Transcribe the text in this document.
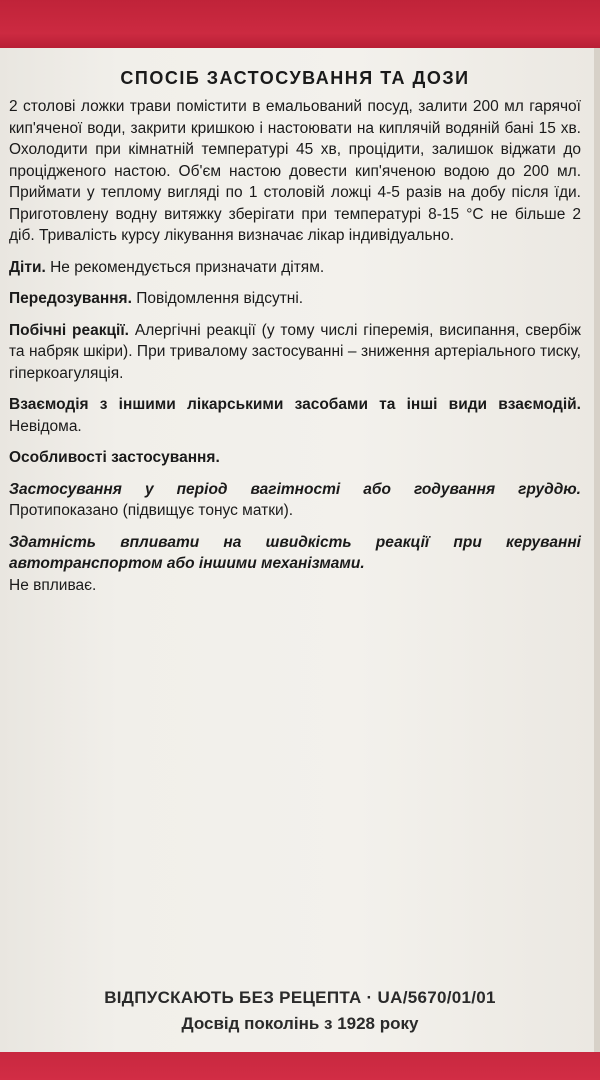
СПОСІБ ЗАСТОСУВАННЯ ТА ДОЗИ

2 столові ложки трави помістити в емальований посуд, залити 200 мл гарячої кип'яченої води, закрити кришкою і настоювати на киплячій водяній бані 15 хв. Охолодити при кімнатній температурі 45 хв, процідити, залишок віджати до процідженого настою. Об'єм настою довести кип'яченою водою до 200 мл. Приймати у теплому вигляді по 1 столовій ложці 4-5 разів на добу після їди. Приготовлену водну витяжку зберігати при температурі 8-15 °С не більше 2 діб. Тривалість курсу лікування визначає лікар індивідуально.

Діти. Не рекомендується призначати дітям.

Передозування. Повідомлення відсутні.

Побічні реакції. Алергічні реакції (у тому числі гіперемія, висипання, свербіж та набряк шкіри). При тривалому застосуванні – зниження артеріального тиску, гіперкоагуляція.

Взаємодія з іншими лікарськими засобами та інші види взаємодій. Невідома.

Особливості застосування.

Застосування у період вагітності або годування груддю. Протипоказано (підвищує тонус матки).

Здатність впливати на швидкість реакції при керуванні автотранспортом або іншими механізмами.
Не впливає.

ВІДПУСКАЮТЬ БЕЗ РЕЦЕПТА · UA/5670/01/01
Досвід поколінь з 1928 року
